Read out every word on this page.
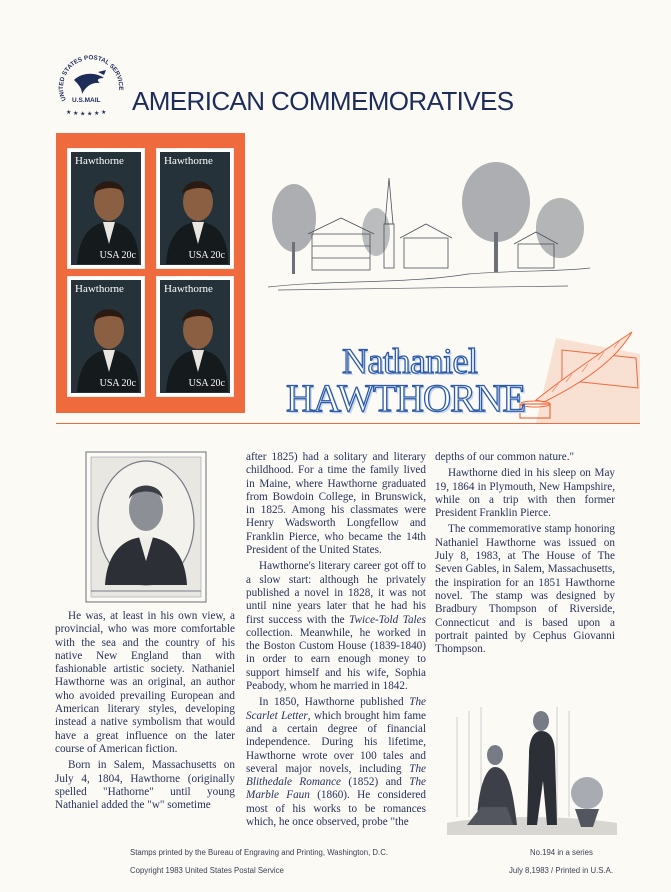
UNITED STATES POSTAL SERVICE
U.S.MAIL
★ ★ ★ ★ ★ ★ AMERICAN COMMEMORATIVES
Hawthorne
USA 20c
Hawthorne
USA 20c
Hawthorne
USA 20c
Hawthorne
USA 20c
Nathaniel
HAWTHORNE

He was, at least in his own view, a provincial, who was more comfortable with the sea and the country of his native New England than with fashionable artistic society. Nathaniel Hawthorne was an original, an author who avoided prevailing European and American literary styles, developing instead a native symbolism that would have a great influence on the later course of American fiction.

Born in Salem, Massachusetts on July 4, 1804, Hawthorne (originally spelled "Hathorne" until young Nathaniel added the "w" sometime

after 1825) had a solitary and literary childhood. For a time the family lived in Maine, where Hawthorne graduated from Bowdoin College, in Brunswick, in 1825. Among his classmates were Henry Wadsworth Longfellow and Franklin Pierce, who became the 14th President of the United States.

Hawthorne's literary career got off to a slow start: although he privately published a novel in 1828, it was not until nine years later that he had his first success with the Twice-Told Tales collection. Meanwhile, he worked in the Boston Custom House (1839-1840) in order to earn enough money to support himself and his wife, Sophia Peabody, whom he married in 1842.

In 1850, Hawthorne published The Scarlet Letter, which brought him fame and a certain degree of financial independence. During his lifetime, Hawthorne wrote over 100 tales and several major novels, including The Blithedale Romance (1852) and The Marble Faun (1860). He considered most of his works to be romances which, he once observed, probe "the

depths of our common nature."

Hawthorne died in his sleep on May 19, 1864 in Plymouth, New Hampshire, while on a trip with then former President Franklin Pierce.

The commemorative stamp honoring Nathaniel Hawthorne was issued on July 8, 1983, at The House of The Seven Gables, in Salem, Massachusetts, the inspiration for an 1851 Hawthorne novel. The stamp was designed by Bradbury Thompson of Riverside, Connecticut and is based upon a portrait painted by Cephus Giovanni Thompson.

Stamps printed by the Bureau of Engraving and Printing, Washington, D.C.
Copyright 1983 United States Postal Service
No.194 in a series
July 8,1983 / Printed in U.S.A.
